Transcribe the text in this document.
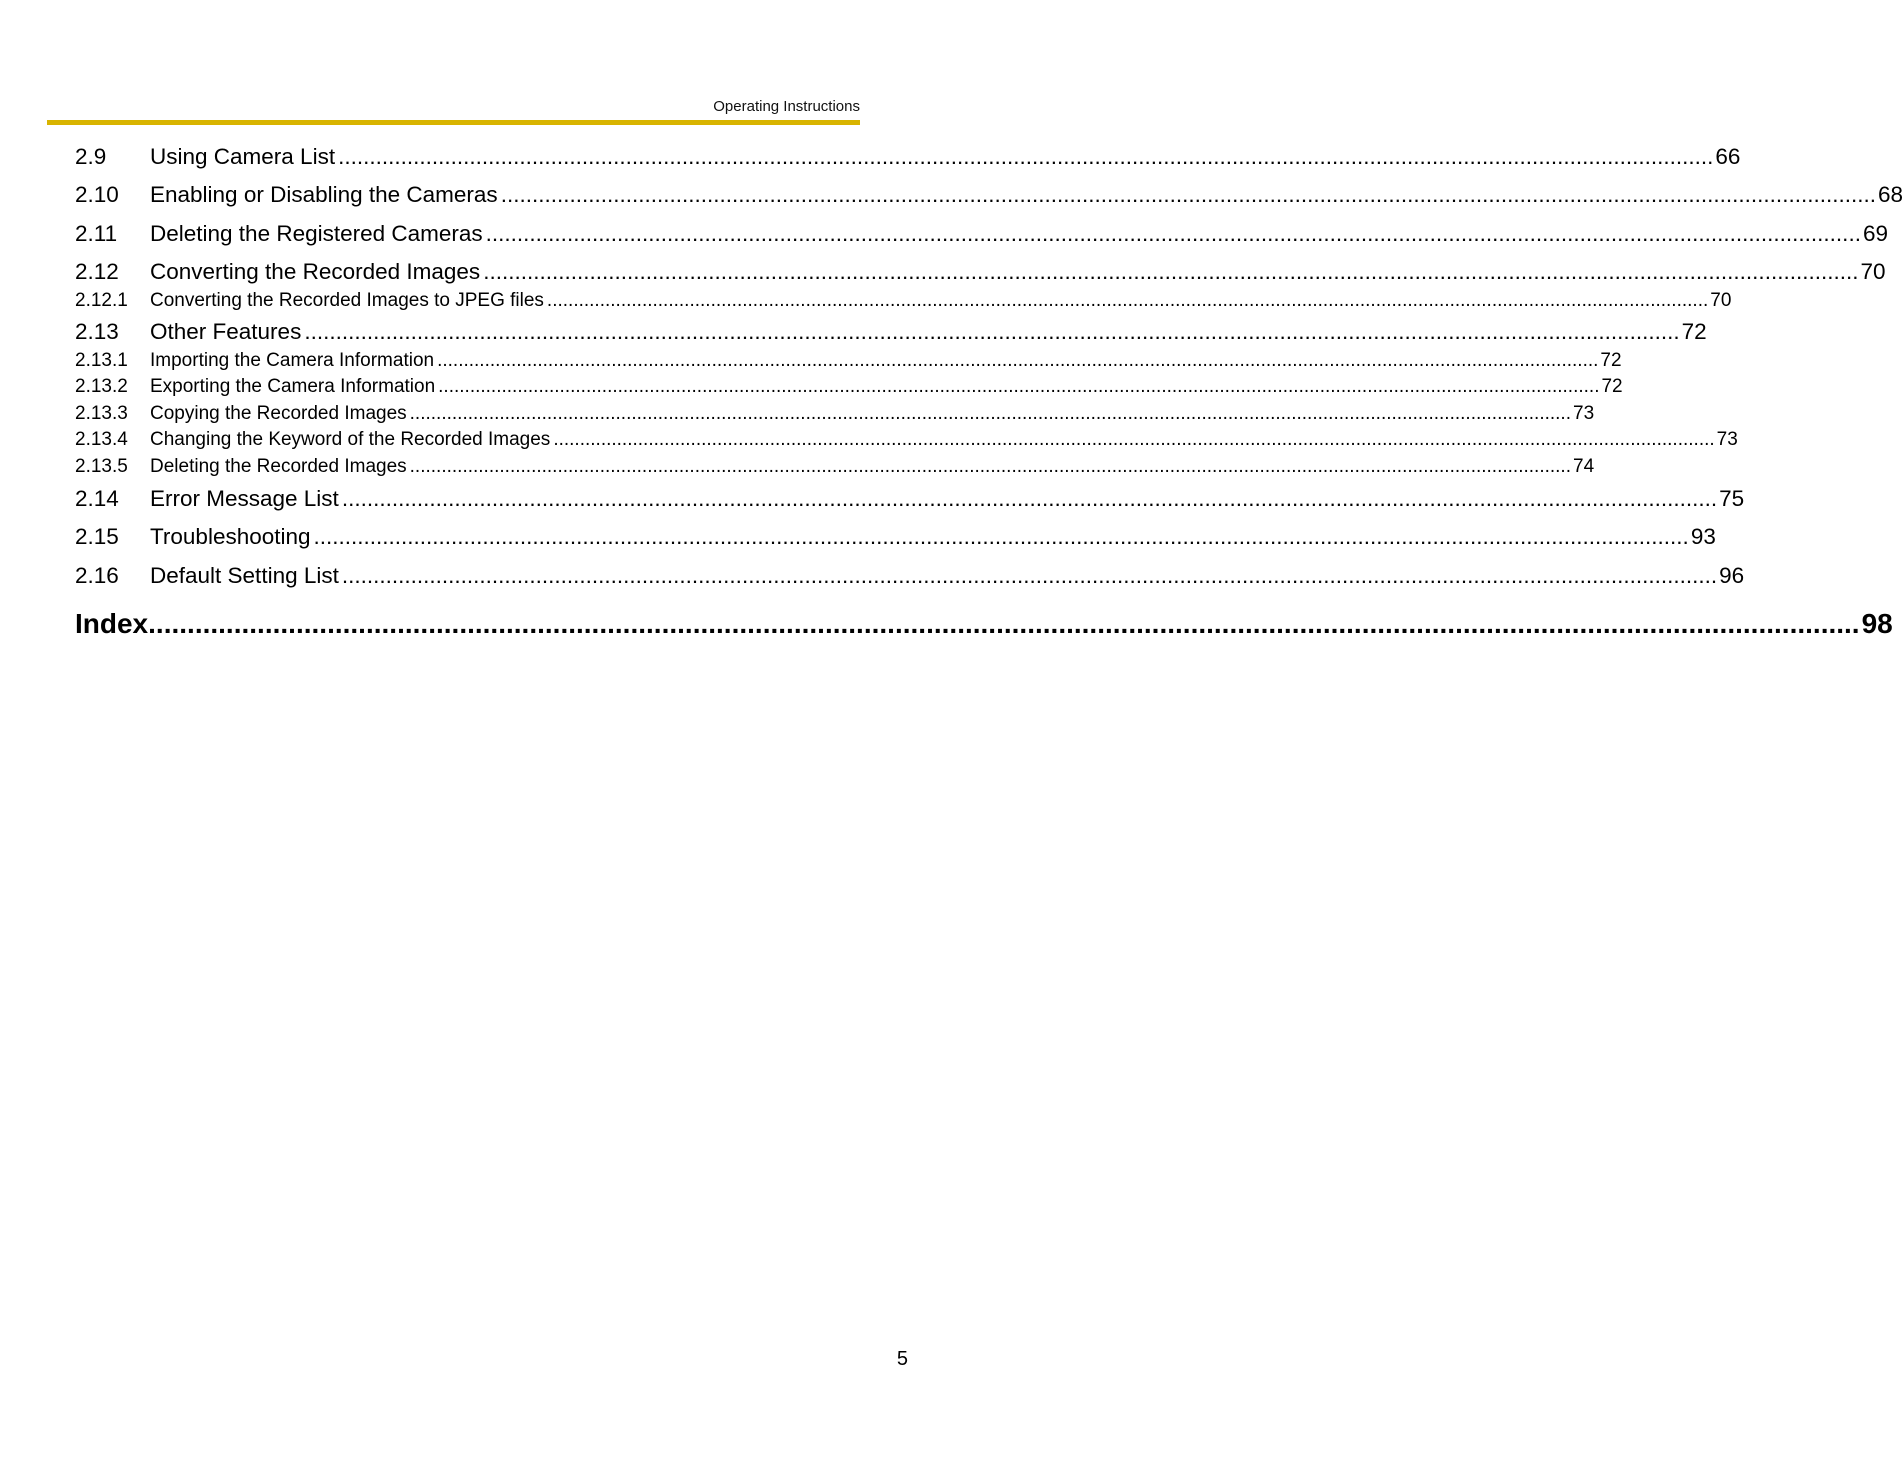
Operating Instructions
2.9	Using Camera List ............................................................................................................................................................................................................................ 66
2.10	Enabling or Disabling the Cameras ............................................................................................................................................................................................................................ 68
2.11	Deleting the Registered Cameras ............................................................................................................................................................................................................................ 69
2.12	Converting the Recorded Images ............................................................................................................................................................................................................................ 70
2.12.1	Converting the Recorded Images to JPEG files ............................................................................................................................................................................................................................ 70
2.13	Other Features ............................................................................................................................................................................................................................ 72
2.13.1	Importing the Camera Information ............................................................................................................................................................................................................................ 72
2.13.2	Exporting the Camera Information ............................................................................................................................................................................................................................ 72
2.13.3	Copying the Recorded Images ............................................................................................................................................................................................................................ 73
2.13.4	Changing the Keyword of the Recorded Images ............................................................................................................................................................................................................................ 73
2.13.5	Deleting the Recorded Images ............................................................................................................................................................................................................................ 74
2.14	Error Message List ............................................................................................................................................................................................................................ 75
2.15	Troubleshooting ............................................................................................................................................................................................................................ 93
2.16	Default Setting List ............................................................................................................................................................................................................................ 96
Index ............................................................................................................................................................................................................................ 98
5
